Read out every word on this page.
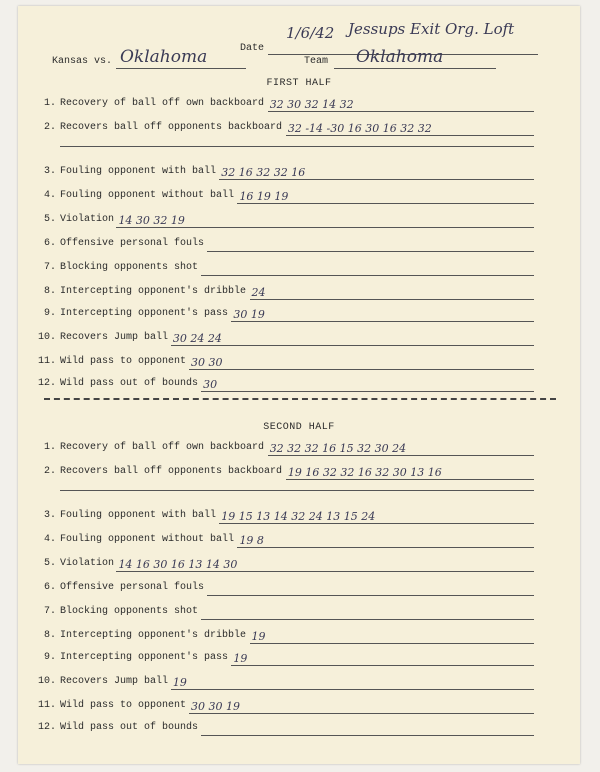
1/6/42 Jessups Exit Org. Loft
Date
Kansas vs. Oklahoma	Team Oklahoma
FIRST HALF
1. Recovery of ball off own backboard 32 30 32 14 32
2. Recovers ball off opponents backboard 32 -14 -30 16 30 16 32 32
3. Fouling opponent with ball 32 16 32 32 16
4. Fouling opponent without ball 16 19 19
5. Violation 14 30 32 19
6. Offensive personal fouls
7. Blocking opponents shot
8. Intercepting opponent's dribble 24
9. Intercepting opponent's pass 30 19
10. Recovers Jump ball 30 24 24
11. Wild pass to opponent 30 30
12. Wild pass out of bounds 30
SECOND HALF
1. Recovery of ball off own backboard 32 32 32 16 15 32 30 24
2. Recovers ball off opponents backboard 19 16 32 32 16 32 30 13 16
3. Fouling opponent with ball 19 15 13 14 32 24 13 15 24
4. Fouling opponent without ball 19 8
5. Violation 14 16 30 16 13 14 30
6. Offensive personal fouls
7. Blocking opponents shot
8. Intercepting opponent's dribble 19
9. Intercepting opponent's pass 19
10. Recovers Jump ball 19
11. Wild pass to opponent 30 30 19
12. Wild pass out of bounds
